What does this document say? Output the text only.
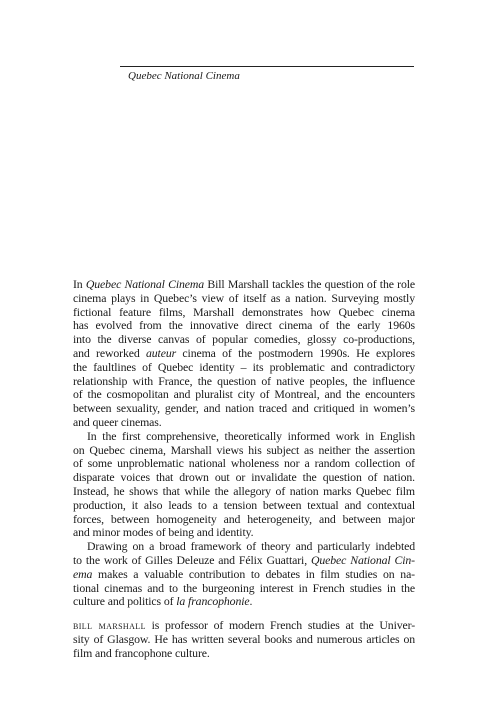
Quebec National Cinema
In Quebec National Cinema Bill Marshall tackles the question of the role
cinema plays in Quebec’s view of itself as a nation. Surveying mostly
fictional feature films, Marshall demonstrates how Quebec cinema
has evolved from the innovative direct cinema of the early 1960s
into the diverse canvas of popular comedies, glossy co-productions,
and reworked auteur cinema of the postmodern 1990s. He explores
the faultlines of Quebec identity – its problematic and contradictory
relationship with France, the question of native peoples, the influence
of the cosmopolitan and pluralist city of Montreal, and the encounters
between sexuality, gender, and nation traced and critiqued in women’s
and queer cinemas.
In the first comprehensive, theoretically informed work in English
on Quebec cinema, Marshall views his subject as neither the assertion
of some unproblematic national wholeness nor a random collection of
disparate voices that drown out or invalidate the question of nation.
Instead, he shows that while the allegory of nation marks Quebec film
production, it also leads to a tension between textual and contextual
forces, between homogeneity and heterogeneity, and between major
and minor modes of being and identity.
Drawing on a broad framework of theory and particularly indebted
to the work of Gilles Deleuze and Félix Guattari, Quebec National Cin-
ema makes a valuable contribution to debates in film studies on na-
tional cinemas and to the burgeoning interest in French studies in the
culture and politics of la francophonie.
bill marshall is professor of modern French studies at the Univer-
sity of Glasgow. He has written several books and numerous articles on
film and francophone culture.
